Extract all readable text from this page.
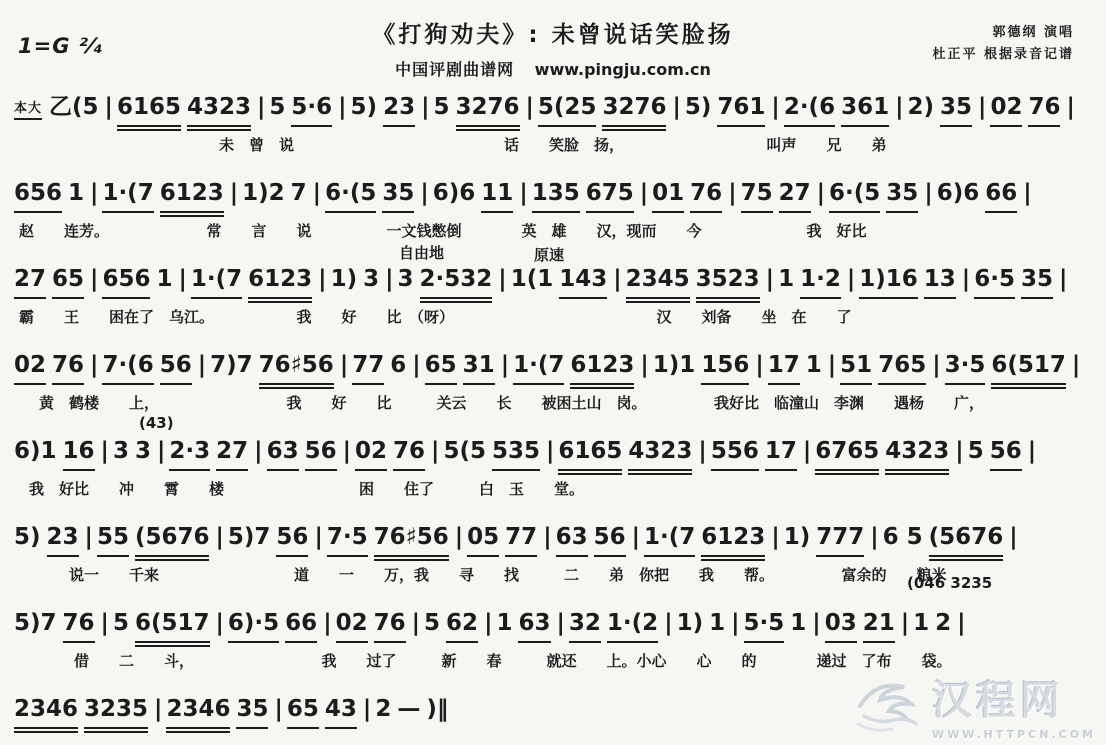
1=G ²⁄₄	《打狗劝夫》: 未曾说话笑脸扬
中国评剧曲谱网 www.pingju.com.cn
郭德纲 演唱
杜正平 根据录音记谱
本大 乙(5 | 6165 4323 | 5 5·6 | 5) 23 | 5 3276 | 5(25 3276 | 5) 761 | 2·(6 361 | 2) 35 | 02 76 |
未　曾　说　　　　　　　　　　　　　　话　　笑脸　扬，　　　　　　　　　　叫声　　兄　　弟
656 1 | 1·(7 6123 | 1)2 7 | 6·(5 35 | 6)6 11 | 135 675 | 01 76 | 75 27 | 6·(5 35 | 6)6 66 |
赵　　连芳。　　　　　　　常　　言　　说　　　　　一文钱憋倒　　　　英　雄　　汉，现而　　今　　　　　　　我　好比
自由地	原速
27 65 | 656 1 | 1·(7 6123 | 1) 3 | 3 2·532 | 1(1 143 | 2345 3523 | 1 1·2 | 1)16 13 | 6·5 35 |
霸　　王　　困在了　乌江。　　　　　　我　　好　　比　（呀）　　　　　　　　　　　　　　汉　　刘备　　坐　在　　了
02 76 | 7·(6 56 | 7)7 76♯56 | 77 6 | 65 31 | 1·(7 6123 | 1)1 156 | 17 1 | 51 765 | 3·5 6(517 |
黄　鹤楼　　上，　　　　　　　　　我　　好　　比　　　关云　　长　　被困土山　岗。　　　　　我好比　临潼山　李渊　　遇杨　　广，
(43)
6)1 16 | 3 3 | 2·3 27 | 63 56 | 02 76 | 5(5 535 | 6165 4323 | 556 17 | 6765 4323 | 5 56 |
我　好比　　冲　　霄　　楼　　　　　　　　　困　　住了　　　白　玉　　堂。
(046 3235
5) 23 | 55 (5676 | 5)7 56 | 7·5 76♯56 | 05 77 | 63 56 | 1·(7 6123 | 1) 777 | 6 5 (5676 |
说一　　千来　　　　　　　　　道　　一　　万，我　　寻　　找　　　二　　弟　你把　　我　　帮。　　　　　富余的　　粮米
5)7 76 | 5 6(517 | 6)·5 66 | 02 76 | 5 62 | 1 63 | 32 1·(2 | 1) 1 | 5·5 1 | 03 21 | 1 2 |
借　　二　　斗，　　　　　　　　　我　　过了　　　新　　春　　　就还　　上。小心　　心　　的　　　　递过　了布　　袋。
2346 3235 | 2346 35 | 65 43 | 2 — )‖	汉程网
WWW.HTTPCN.COM
